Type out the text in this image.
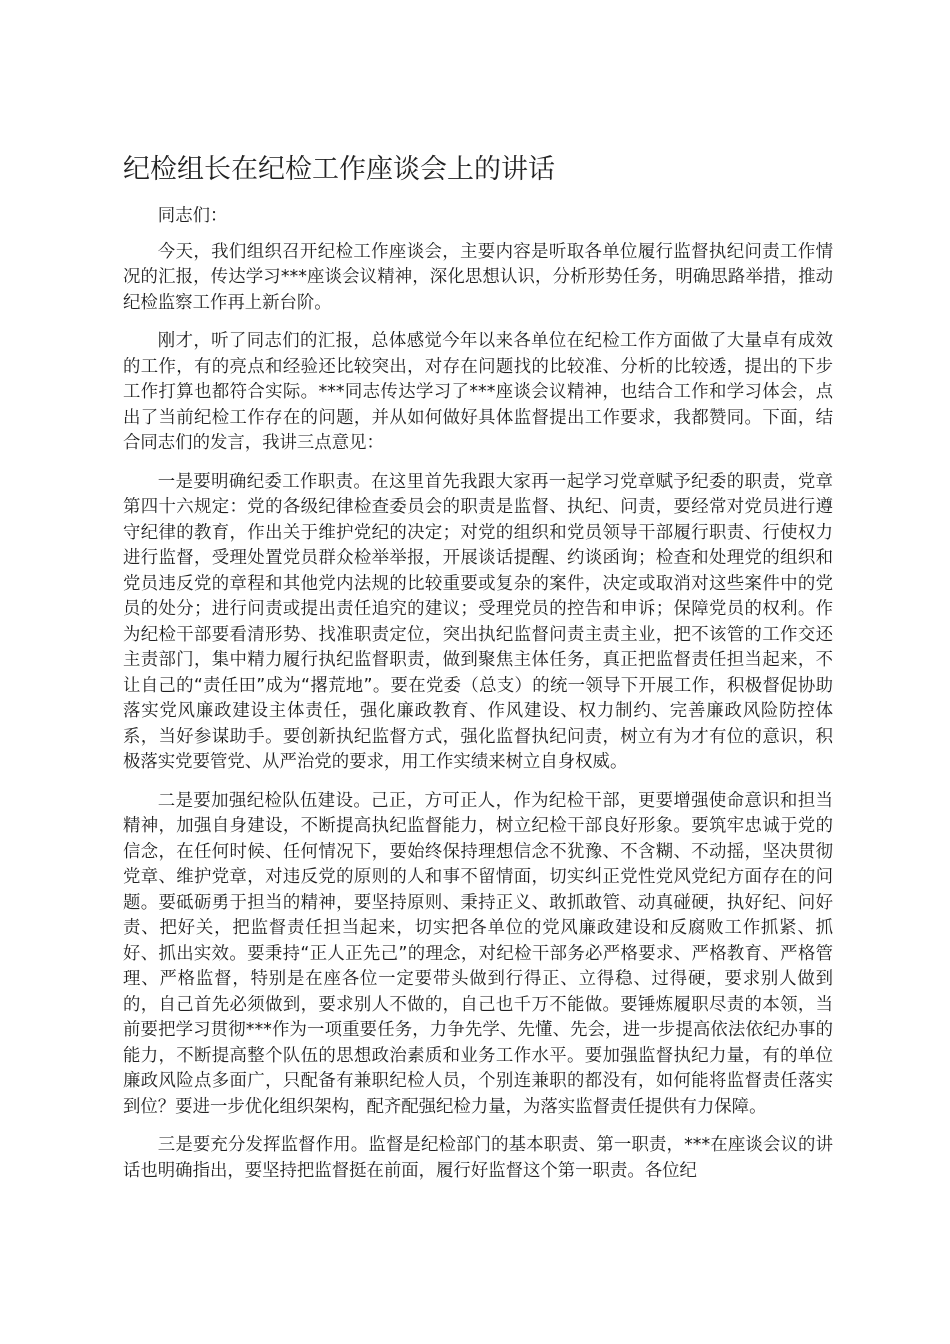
纪检组长在纪检工作座谈会上的讲话

同志们：

今天，我们组织召开纪检工作座谈会，主要内容是听取各单位履行监督执纪问责工作情况的汇报，传达学习***座谈会议精神，深化思想认识，分析形势任务，明确思路举措，推动纪检监察工作再上新台阶。

刚才，听了同志们的汇报，总体感觉今年以来各单位在纪检工作方面做了大量卓有成效的工作，有的亮点和经验还比较突出，对存在问题找的比较准、分析的比较透，提出的下步工作打算也都符合实际。***同志传达学习了***座谈会议精神，也结合工作和学习体会，点出了当前纪检工作存在的问题，并从如何做好具体监督提出工作要求，我都赞同。下面，结合同志们的发言，我讲三点意见：

一是要明确纪委工作职责。在这里首先我跟大家再一起学习党章赋予纪委的职责，党章第四十六规定：党的各级纪律检查委员会的职责是监督、执纪、问责，要经常对党员进行遵守纪律的教育，作出关于维护党纪的决定；对党的组织和党员领导干部履行职责、行使权力进行监督，受理处置党员群众检举举报，开展谈话提醒、约谈函询；检查和处理党的组织和党员违反党的章程和其他党内法规的比较重要或复杂的案件，决定或取消对这些案件中的党员的处分；进行问责或提出责任追究的建议；受理党员的控告和申诉；保障党员的权利。作为纪检干部要看清形势、找准职责定位，突出执纪监督问责主责主业，把不该管的工作交还主责部门，集中精力履行执纪监督职责，做到聚焦主体任务，真正把监督责任担当起来，不让自己的“责任田”成为“撂荒地”。要在党委（总支）的统一领导下开展工作，积极督促协助落实党风廉政建设主体责任，强化廉政教育、作风建设、权力制约、完善廉政风险防控体系，当好参谋助手。要创新执纪监督方式，强化监督执纪问责，树立有为才有位的意识，积极落实党要管党、从严治党的要求，用工作实绩来树立自身权威。

二是要加强纪检队伍建设。己正，方可正人，作为纪检干部，更要增强使命意识和担当精神，加强自身建设，不断提高执纪监督能力，树立纪检干部良好形象。要筑牢忠诚于党的信念，在任何时候、任何情况下，要始终保持理想信念不犹豫、不含糊、不动摇，坚决贯彻党章、维护党章，对违反党的原则的人和事不留情面，切实纠正党性党风党纪方面存在的问题。要砥砺勇于担当的精神，要坚持原则、秉持正义、敢抓敢管、动真碰硬，执好纪、问好责、把好关，把监督责任担当起来，切实把各单位的党风廉政建设和反腐败工作抓紧、抓好、抓出实效。要秉持“正人正先己”的理念，对纪检干部务必严格要求、严格教育、严格管理、严格监督，特别是在座各位一定要带头做到行得正、立得稳、过得硬，要求别人做到的，自己首先必须做到，要求别人不做的，自己也千万不能做。要锤炼履职尽责的本领，当前要把学习贯彻***作为一项重要任务，力争先学、先懂、先会，进一步提高依法依纪办事的能力，不断提高整个队伍的思想政治素质和业务工作水平。要加强监督执纪力量，有的单位廉政风险点多面广，只配备有兼职纪检人员，个别连兼职的都没有，如何能将监督责任落实到位？要进一步优化组织架构，配齐配强纪检力量，为落实监督责任提供有力保障。

三是要充分发挥监督作用。监督是纪检部门的基本职责、第一职责，***在座谈会议的讲话也明确指出，要坚持把监督挺在前面，履行好监督这个第一职责。各位纪
